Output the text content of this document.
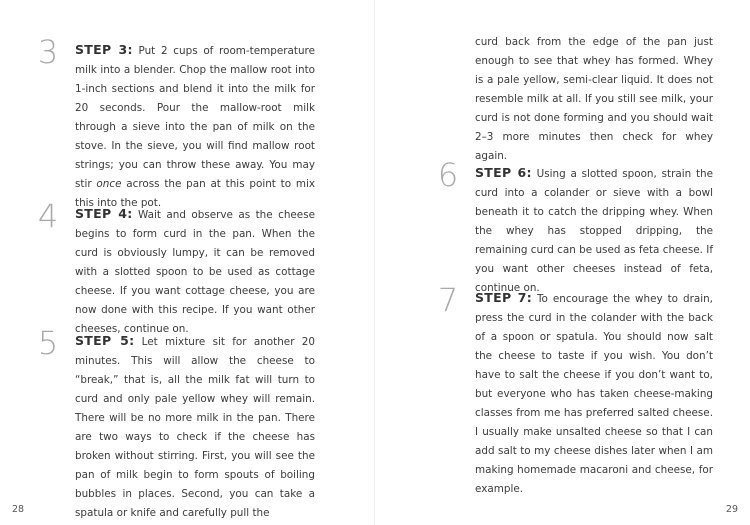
3 STEP 3: Put 2 cups of room-temperature milk into a blender. Chop the mallow root into 1-inch sections and blend it into the milk for 20 seconds. Pour the mallow-root milk through a sieve into the pan of milk on the stove. In the sieve, you will find mallow root strings; you can throw these away. You may stir once across the pan at this point to mix this into the pot.

4 STEP 4: Wait and observe as the cheese begins to form curd in the pan. When the curd is obviously lumpy, it can be removed with a slotted spoon to be used as cottage cheese. If you want cottage cheese, you are now done with this recipe. If you want other cheeses, continue on.

5 STEP 5: Let mixture sit for another 20 minutes. This will allow the cheese to “break,” that is, all the milk fat will turn to curd and only pale yellow whey will remain. There will be no more milk in the pan. There are two ways to check if the cheese has broken without stirring. First, you will see the pan of milk begin to form spouts of boiling bubbles in places. Second, you can take a spatula or knife and carefully pull the

28

curd back from the edge of the pan just enough to see that whey has formed. Whey is a pale yellow, semi-clear liquid. It does not resemble milk at all. If you still see milk, your curd is not done forming and you should wait 2–3 more minutes then check for whey again.

6 STEP 6: Using a slotted spoon, strain the curd into a colander or sieve with a bowl beneath it to catch the dripping whey. When the whey has stopped dripping, the remaining curd can be used as feta cheese. If you want other cheeses instead of feta, continue on.

7 STEP 7: To encourage the whey to drain, press the curd in the colander with the back of a spoon or spatula. You should now salt the cheese to taste if you wish. You don’t have to salt the cheese if you don’t want to, but everyone who has taken cheese-making classes from me has preferred salted cheese. I usually make unsalted cheese so that I can add salt to my cheese dishes later when I am making homemade macaroni and cheese, for example.

29
